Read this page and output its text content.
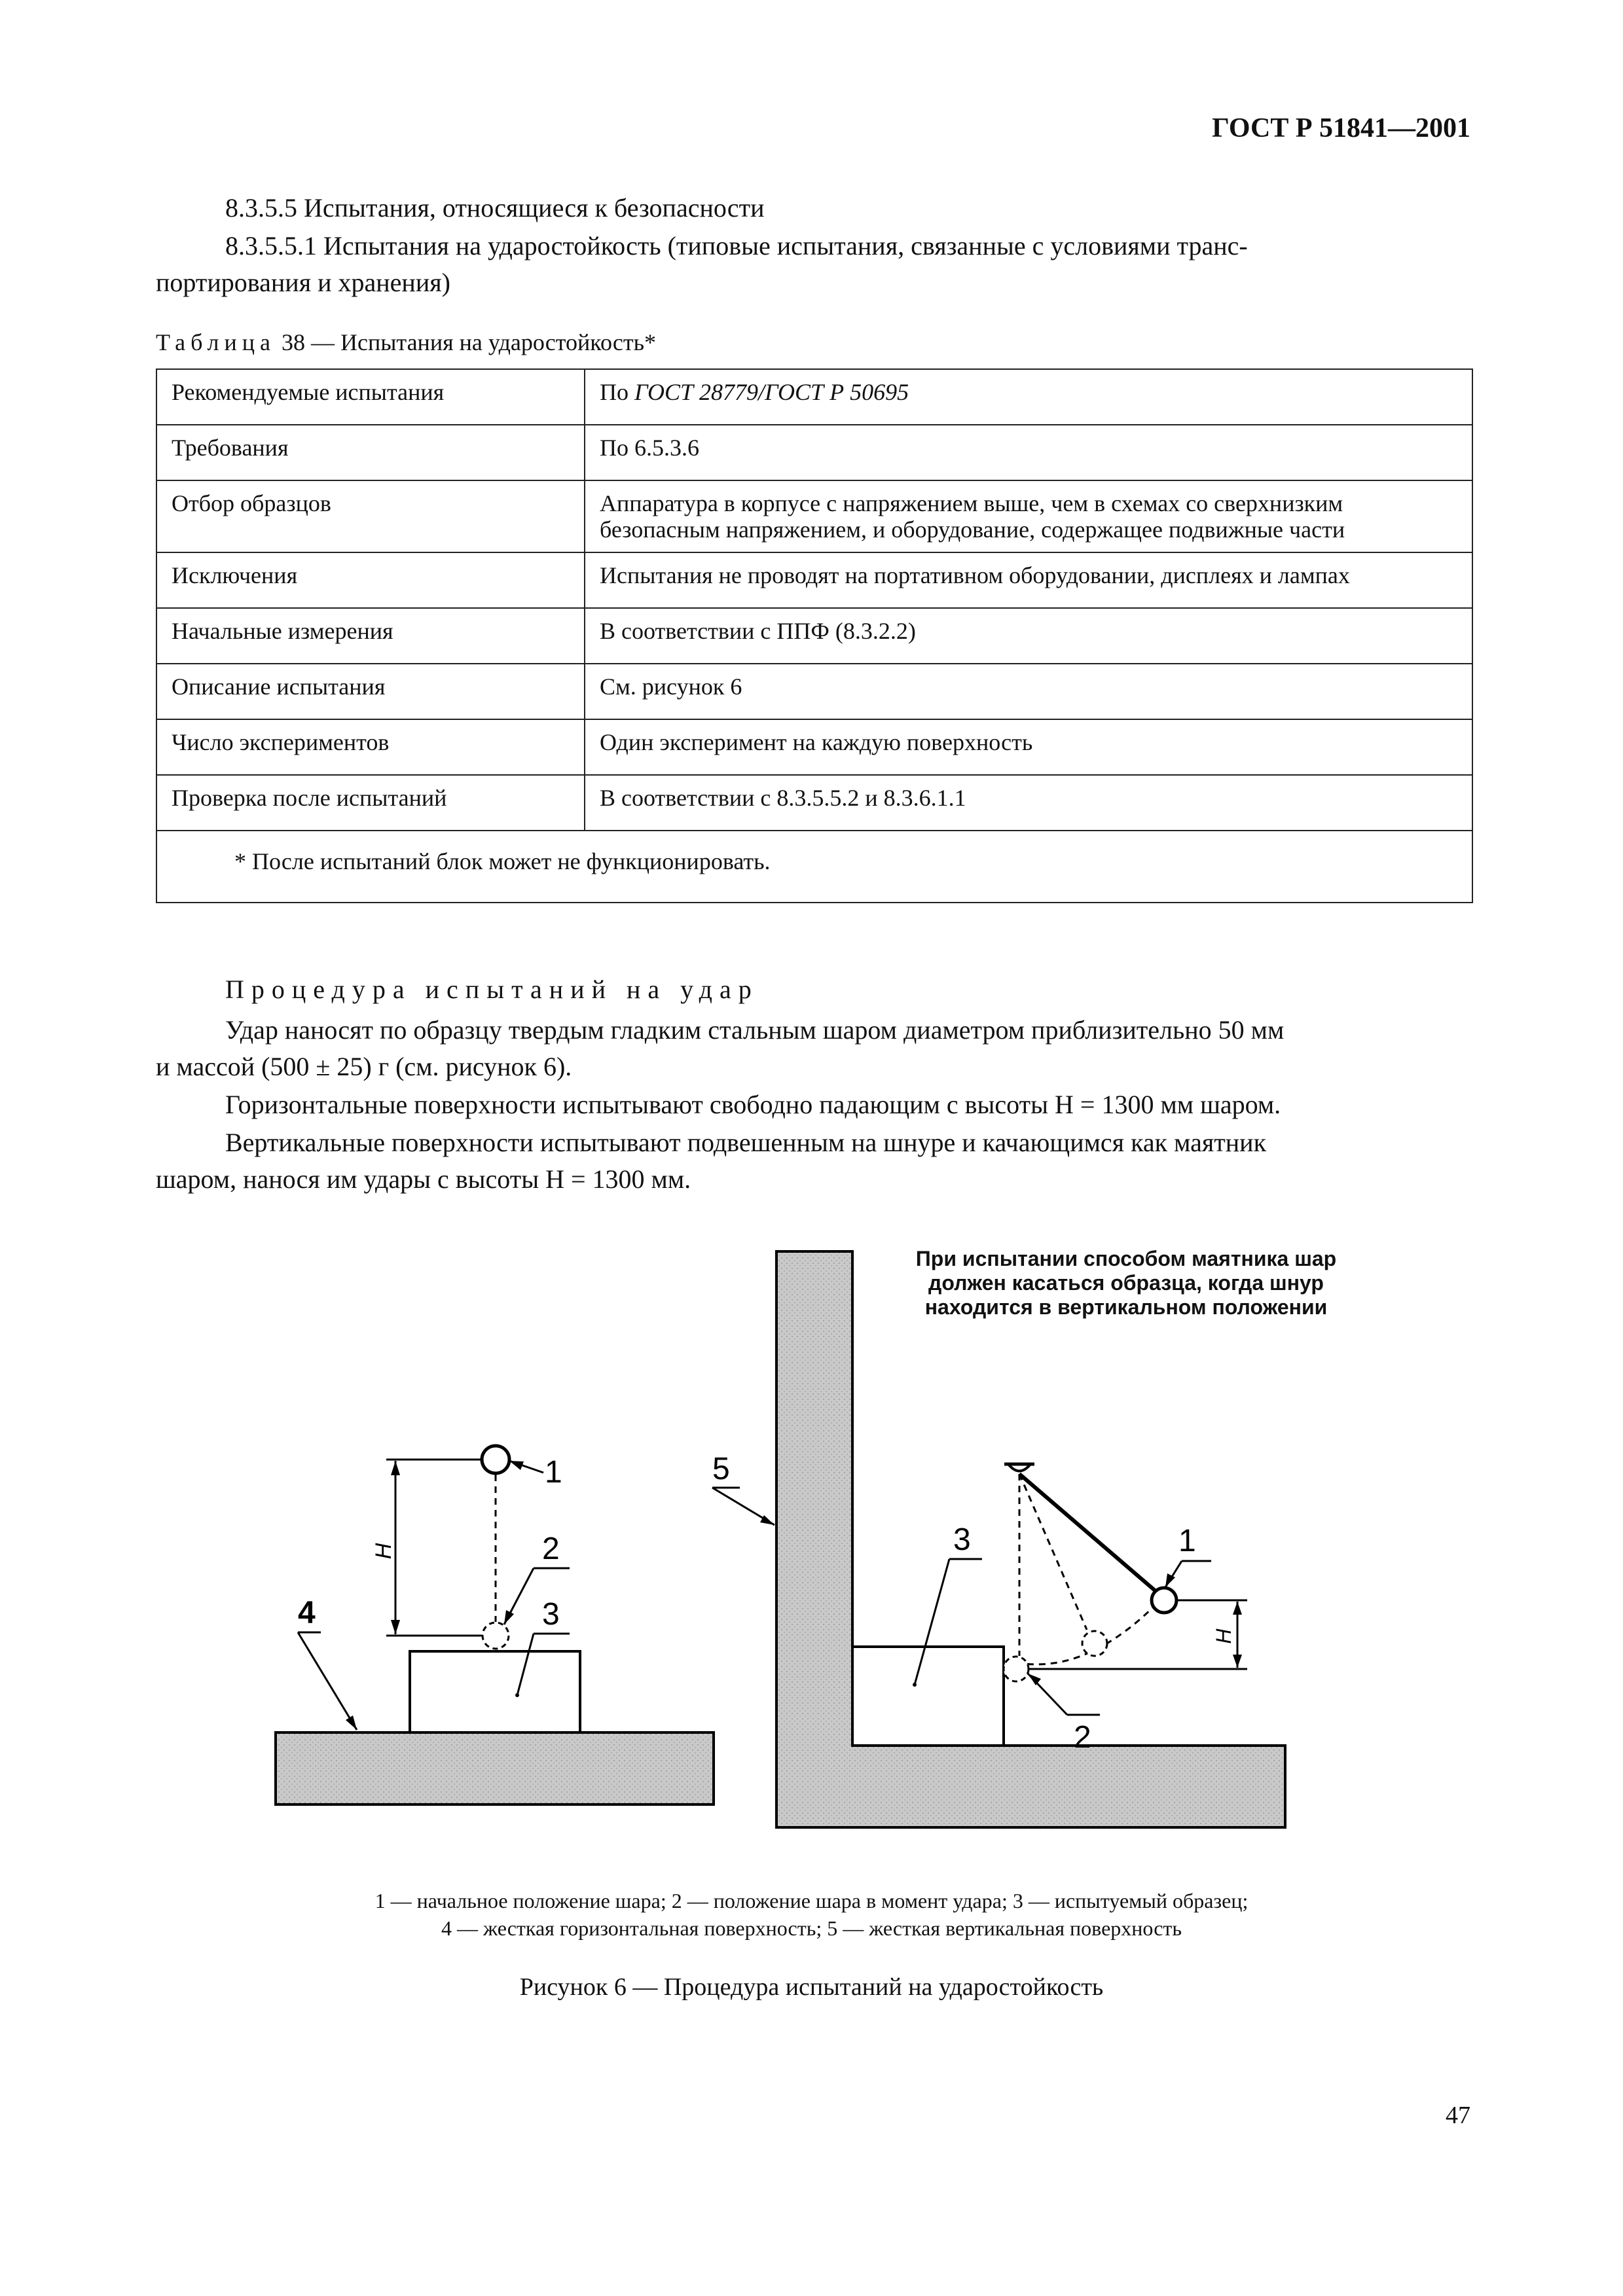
ГОСТ Р 51841—2001
8.3.5.5 Испытания, относящиеся к безопасности
8.3.5.5.1 Испытания на ударостойкость (типовые испытания, связанные с условиями транс-
портирования и хранения)
Таблица 38 — Испытания на ударостойкость*
Рекомендуемые испытания	По ГОСТ 28779/ГОСТ Р 50695
Требования	По 6.5.3.6
Отбор образцов	Аппаратура в корпусе с напряжением выше, чем в схемах со сверхнизким
безопасным напряжением, и оборудование, содержащее подвижные части

Исключения	Испытания не проводят на портативном оборудовании, дисплеях и лампах
Начальные измерения	В соответствии с ППФ (8.3.2.2)
Описание испытания	См. рисунок 6
Число экспериментов	Один эксперимент на каждую поверхность
Проверка после испытаний	В соответствии с 8.3.5.5.2 и 8.3.6.1.1
* После испытаний блок может не функционировать.	
Процедура испытаний на удар
Удар наносят по образцу твердым гладким стальным шаром диаметром приблизительно 50 мм
и массой (500 ± 25) г (см. рисунок 6).
Горизонтальные поверхности испытывают свободно падающим с высоты H = 1300 мм шаром.
Вертикальные поверхности испытывают подвешенным на шнуре и качающимся как маятник
шаром, нанося им удары с высоты H = 1300 мм.
H
1
2
3
4
H
1
2
3
5
При испытании способом маятника шар
должен касаться образца, когда шнур
находится в вертикальном положении
1 — начальное положение шара; 2 — положение шара в момент удара; 3 — испытуемый образец;
4 — жесткая горизонтальная поверхность; 5 — жесткая вертикальная поверхность
Рисунок 6 — Процедура испытаний на ударостойкость
47
